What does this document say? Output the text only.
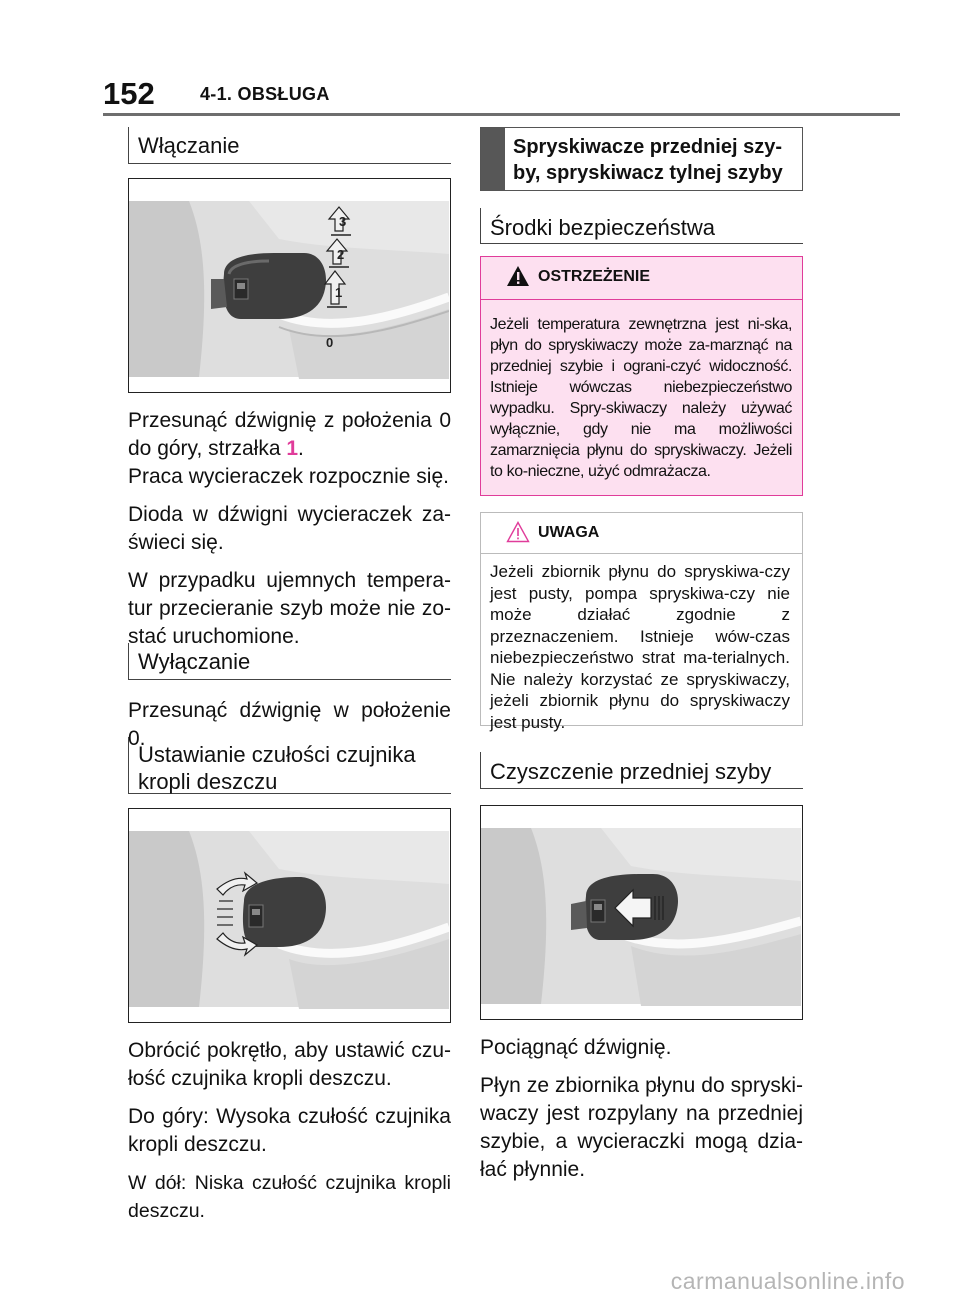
152	4-1. OBSŁUGA
Włączanie
1
2
3
0
Przesunąć dźwignię z położenia 0 do góry, strzałka 1.
Praca wycieraczek rozpocznie się.
Dioda w dźwigni wycieraczek za-świeci się.
W przypadku ujemnych tempera-tur przecieranie szyb może nie zo-stać uruchomione.
Wyłączanie
Przesunąć dźwignię w położenie 0.
Ustawianie czułości czujnika kropli deszczu
Obrócić pokrętło, aby ustawić czu-łość czujnika kropli deszczu.
Do góry: Wysoka czułość czujnika kropli deszczu.
W dół: Niska czułość czujnika kropli deszczu.
Spryskiwacze przedniej szy-by, spryskiwacz tylnej szyby
Środki bezpieczeństwa
OSTRZEŻENIE
Jeżeli temperatura zewnętrzna jest ni-ska, płyn do spryskiwaczy może za-marznąć na przedniej szybie i ograni-czyć widoczność. Istnieje wówczas niebezpieczeństwo wypadku. Spry-skiwaczy należy używać wyłącznie, gdy nie ma możliwości zamarznięcia płynu do spryskiwaczy. Jeżeli to ko-nieczne, użyć odmrażacza.
UWAGA
Jeżeli zbiornik płynu do spryskiwa-czy jest pusty, pompa spryskiwa-czy nie może działać zgodnie z przeznaczeniem. Istnieje wów-czas niebezpieczeństwo strat ma-terialnych. Nie należy korzystać ze spryskiwaczy, jeżeli zbiornik płynu do spryskiwaczy jest pusty.
Czyszczenie przedniej szyby
Pociągnąć dźwignię.
Płyn ze zbiornika płynu do spryski-waczy jest rozpylany na przedniej szybie, a wycieraczki mogą dzia-łać płynnie.
carmanualsonline.info
